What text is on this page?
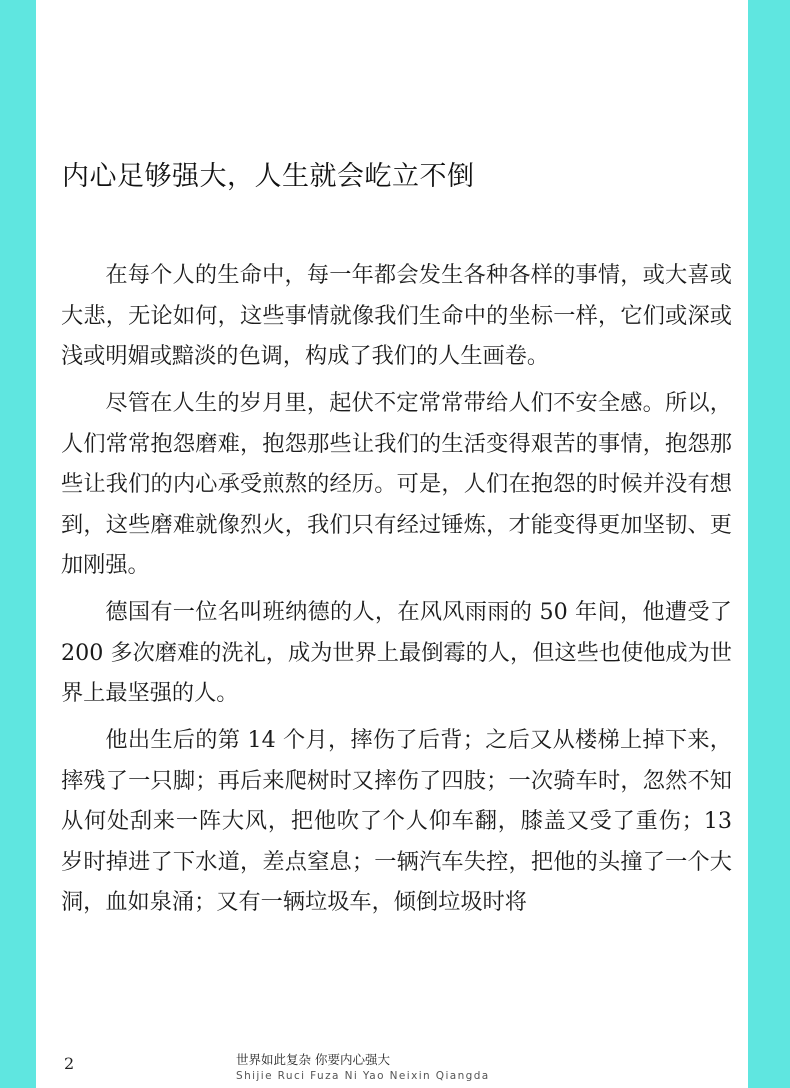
内心足够强大，人生就会屹立不倒

在每个人的生命中，每一年都会发生各种各样的事情，或大喜或大悲，无论如何，这些事情就像我们生命中的坐标一样，它们或深或浅或明媚或黯淡的色调，构成了我们的人生画卷。

尽管在人生的岁月里，起伏不定常常带给人们不安全感。所以，人们常常抱怨磨难，抱怨那些让我们的生活变得艰苦的事情，抱怨那些让我们的内心承受煎熬的经历。可是，人们在抱怨的时候并没有想到，这些磨难就像烈火，我们只有经过锤炼，才能变得更加坚韧、更加刚强。

德国有一位名叫班纳德的人，在风风雨雨的 50 年间，他遭受了 200 多次磨难的洗礼，成为世界上最倒霉的人，但这些也使他成为世界上最坚强的人。

他出生后的第 14 个月，摔伤了后背；之后又从楼梯上掉下来，摔残了一只脚；再后来爬树时又摔伤了四肢；一次骑车时，忽然不知从何处刮来一阵大风，把他吹了个人仰车翻，膝盖又受了重伤；13 岁时掉进了下水道，差点窒息；一辆汽车失控，把他的头撞了一个大洞，血如泉涌；又有一辆垃圾车，倾倒垃圾时将

2	世界如此复杂 你要内心强大
Shijie Ruci Fuza Ni Yao Neixin Qiangda
